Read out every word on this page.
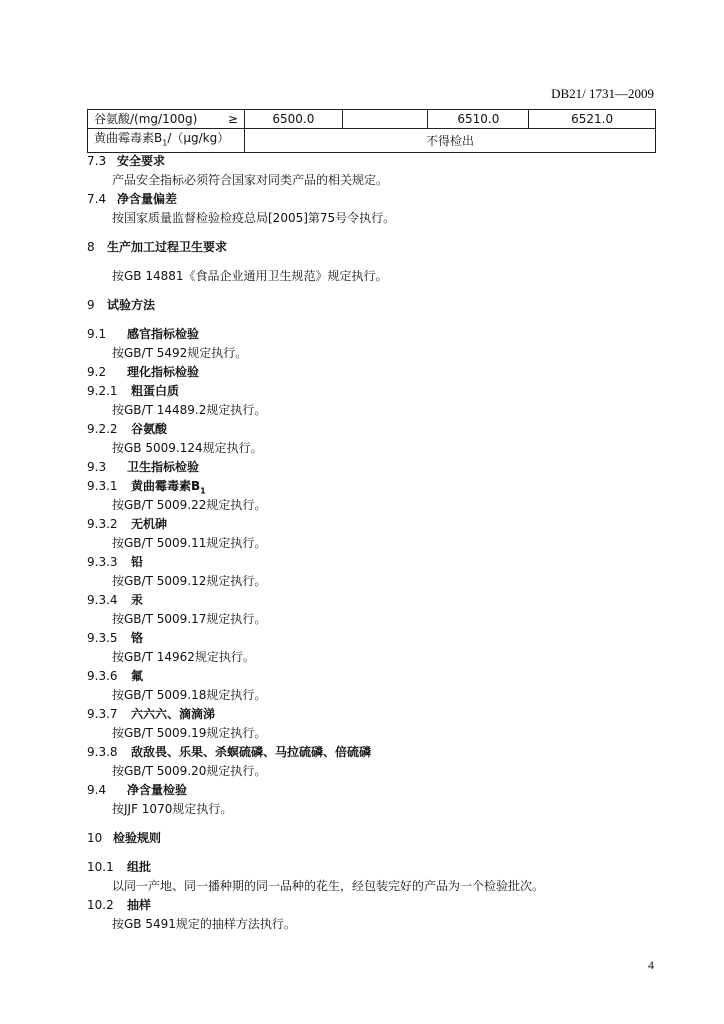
DB21/ 1731—2009
谷氨酸/(mg/100g) ≥	6500.0		6510.0	6521.0
黄曲霉毒素$B_1/(\mu g/kg)$	不得检出			
7.3 安全要求
产品安全指标必须符合国家对同类产品的相关规定。
7.4 净含量偏差
按国家质量监督检验检疫总局[2005]第75号令执行。
8 生产加工过程卫生要求
按GB 14881《食品企业通用卫生规范》规定执行。
9 试验方法
9.1 感官指标检验
按GB/T 5492规定执行。
9.2 理化指标检验
9.2.1 粗蛋白质
按GB/T 14489.2规定执行。
9.2.2 谷氨酸
按GB 5009.124规定执行。
9.3 卫生指标检验
9.3.1 黄曲霉毒素$B_1$
按GB/T 5009.22规定执行。
9.3.2 无机砷
按GB/T 5009.11规定执行。
9.3.3 铅
按GB/T 5009.12规定执行。
9.3.4 汞
按GB/T 5009.17规定执行。
9.3.5 铬
按GB/T 14962规定执行。
9.3.6 氟
按GB/T 5009.18规定执行。
9.3.7 六六六、滴滴涕
按GB/T 5009.19规定执行。
9.3.8 敌敌畏、乐果、杀螟硫磷、马拉硫磷、倍硫磷
按GB/T 5009.20规定执行。
9.4 净含量检验
按JJF 1070规定执行。
10 检验规则
10.1 组批
以同一产地、同一播种期的同一品种的花生，经包装完好的产品为一个检验批次。
10.2 抽样
按GB 5491规定的抽样方法执行。
4
